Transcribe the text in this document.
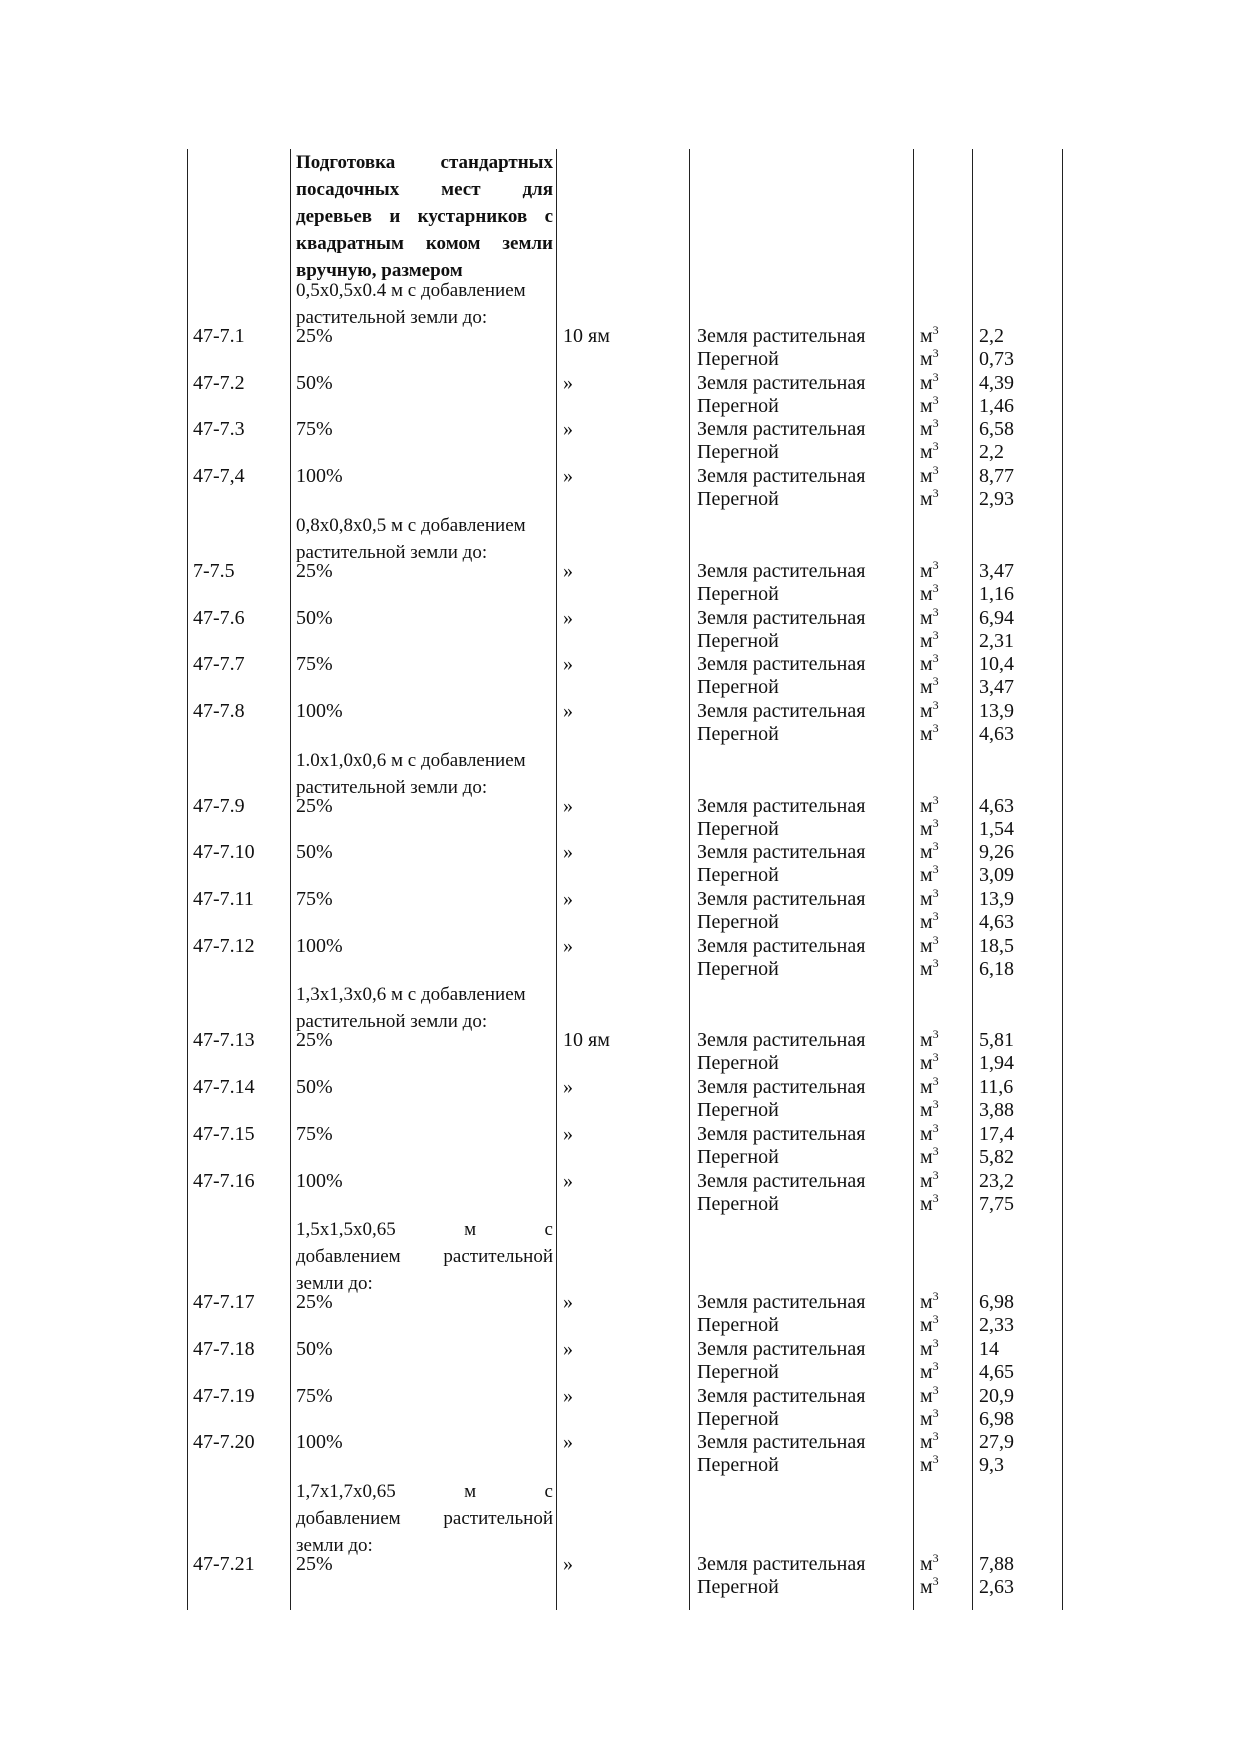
Подготовка стандартных
посадочных мест для
деревьев и кустарников с
квадратным комом земли
вручную, размером
0,5x0,5x0.4 м с добавлением
растительной земли до:
47-7.1	25%	10 ям	Земля растительная	$м^3$ 2,2
Перегной	$м^3$ 0,73
47-7.2	50%	»	Земля растительная	$м^3$ 4,39
Перегной	$м^3$ 1,46
47-7.3	75%	»	Земля растительная	$м^3$ 6,58
Перегной	$м^3$ 2,2
47-7,4	100%	»	Земля растительная	$м^3$ 8,77
Перегной	$м^3$ 2,93
0,8x0,8x0,5 м с добавлением
растительной земли до:
7-7.5	25%	»	Земля растительная	$м^3$ 3,47
Перегной	$м^3$ 1,16
47-7.6	50%	»	Земля растительная	$м^3$ 6,94
Перегной	$м^3$ 2,31
47-7.7	75%	»	Земля растительная	$м^3$ 10,4
Перегной	$м^3$ 3,47
47-7.8	100%	»	Земля растительная	$м^3$ 13,9
Перегной	$м^3$ 4,63
1.0x1,0x0,6 м с добавлением
растительной земли до:
47-7.9	25%	»	Земля растительная	$м^3$ 4,63
Перегной	$м^3$ 1,54
47-7.10 50%	»	Земля растительная	$м^3$ 9,26
Перегной	$м^3$ 3,09
47-7.11 75%	»	Земля растительная	$м^3$ 13,9
Перегной	$м^3$ 4,63
47-7.12 100%	»	Земля растительная	$м^3$ 18,5
Перегной	$м^3$ 6,18
1,3x1,3x0,6 м с добавлением
растительной земли до:
47-7.13 25%	10 ям	Земля растительная	$м^3$ 5,81
Перегной	$м^3$ 1,94
47-7.14 50%	»	Земля растительная	$м^3$ 11,6
Перегной	$м^3$ 3,88
47-7.15 75%	»	Земля растительная	$м^3$ 17,4
Перегной	$м^3$ 5,82
47-7.16 100%	»	Земля растительная	$м^3$ 23,2
Перегной	$м^3$ 7,75
1,5x1,5x0,65 м с
добавлением растительной
земли до:
47-7.17 25%	»	Земля растительная	$м^3$ 6,98
Перегной	$м^3$ 2,33
47-7.18 50%	»	Земля растительная	$м^3$ 14
Перегной	$м^3$ 4,65
47-7.19 75%	»	Земля растительная	$м^3$ 20,9
Перегной	$м^3$ 6,98
47-7.20 100%	»	Земля растительная	$м^3$ 27,9
Перегной	$м^3$ 9,3
1,7x1,7x0,65 м с
добавлением растительной
земли до:
47-7.21 25%	»	Земля растительная	$м^3$ 7,88
Перегной	$м^3$ 2,63
